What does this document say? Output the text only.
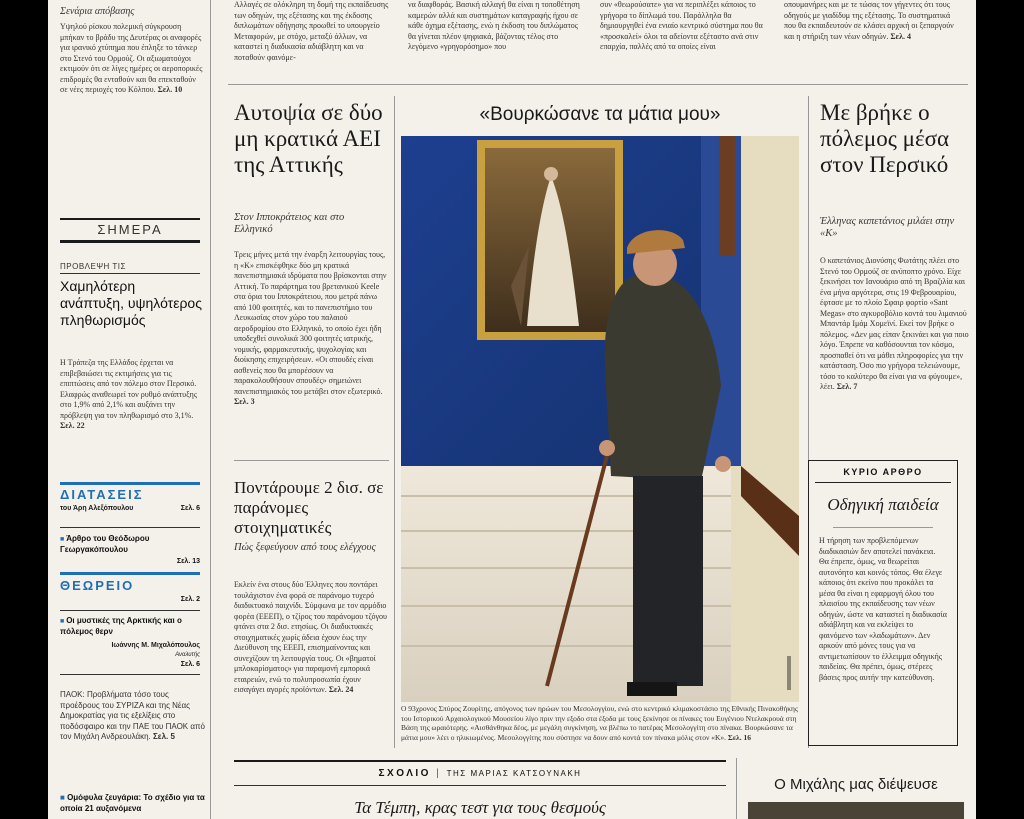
Σενάρια απόβασης
Υψηλού ρίσκου πολεμική σύγκρουση μπήκαν το βράδυ της Δευτέρας οι αναφορές για ιρανικό χτύπημα που έπληξε το τάνκερ στο Στενό του Ορμούζ. Οι αξιωματούχοι εκτιμούν ότι σε λίγες ημέρες οι αεροπορικές επιδρομές θα ενταθούν και θα επεκταθούν σε νέες περιοχές του Κόλπου. Σελ. 10
ΣΗΜΕΡΑ
ΠΡΟΒΛΕΨΗ ΤΙΣ
Χαμηλότερη ανάπτυξη, υψηλότερος πληθωρισμός
Η Τράπεζα της Ελλάδος έρχεται να επιβεβαιώσει τις εκτιμήσεις για τις επιπτώσεις από τον πόλεμο στον Περσικό. Ελαφρώς αναθεωρεί τον ρυθμό ανάπτυξης στο 1,9% από 2,1% και αυξάνει την πρόβλεψη για τον πληθωρισμό στο 3,1%. Σελ. 22
ΔΙΑΤΑΣΕΙΣ
του Άρη Αλεξόπουλου	Σελ. 6
■ Άρθρο του Θεόδωρου Γεωργακόπουλου
Σελ. 13
ΘΕΩΡΕΙΟ
Σελ. 2
■ Οι μυστικές της Αρκτικής και ο πόλεμος θερν
Ιωάννης Μ. Μιχαλόπουλος
Αναλυτής
Σελ. 6
ΠΑΟΚ: Προβλήματα τόσο τους προέδρους του ΣΥΡΙΖΑ και της Νέας Δημοκρατίας για τις εξελίξεις στο ποδόσφαιρο και την ΠΑΕ του ΠΑΟΚ από τον Μιχάλη Ανδρεουλάκη. Σελ. 5
■ Ομόφυλα ζευγάρια: Το σχέδιο για τα οποία 21 αυξανόμενα
Αλλαγές σε ολόκληρη τη δομή της εκπαίδευσης των οδηγών, της εξέτασης και της έκδοσης διπλωμάτων οδήγησης προωθεί το υπουργείο Μεταφορών, με στόχο, μεταξύ άλλων, να καταστεί η διαδικασία αδιάβλητη και να ποταθούν φαινόμε-
να διαφθοράς. Βασική αλλαγή θα είναι η τοποθέτηση καμερών αλλά και συστημάτων καταγραφής ήχου σε κάθε όχημα εξέτασης, ενώ η έκδοση του διπλώματος θα γίνεται πλέον ψηφιακά, βάζοντας τέλος στο λεγόμενο «γρηγορόσημο» που
συν «θεωρούσατε» για να περιπλέξει κάποιος το γρήγορα το δίπλωμά του. Παράλληλα θα δημιουργηθεί ένα ενιαίο κεντρικό σύστημα που θα «προσκαλεί» όλοι τα αδείοντα εξέταστο ανά στιν επαρχία, παλλές από τα οποίες είναι
οπουμανήρες και με τε τώσας τον γήγεντες ότι τους οδηγούς με γιαδίδυμ της εξέτασης. Το συστηματικά που θα εκπαιδευτούν σε κλάσει αρχική οι ξεπαργούν και η στήριξη των νέων οδηγών. Σελ. 4
Αυτοψία σε δύο μη κρατικά ΑΕΙ της Αττικής
Στον Ιπποκράτειος και στο Ελληνικό
Τρεις μήνες μετά την έναρξη λειτουργίας τους, η «Κ» επισκέφθηκε δύο μη κρατικά πανεπιστημιακά ιδρύματα που βρίσκονται στην Αττική. Το παράρτημα του βρετανικού Keele στα όρια του Ιπποκράτειου, που μετρά πάνω από 100 φοιτητές, και το πανεπιστήμιο του Λευκωσίας στον χώρο του παλαιού αεροδρομίου στο Ελληνικό, το οποίο έχει ήδη υποδεχθεί συνολικά 300 φοιτητές ιατρικής, νομικής, φαρμακευτικής, ψυχολογίας και διοίκησης επιχειρήσεων. «Οι σπουδές είναι ασθενείς που θα μπορέσουν να παρακολουθήσουν σπουδές» σημειώνει πανεπιστημιακός του μετάβει στον εξωτερικό. Σελ. 3
Ποντάρουμε 2 δισ. σε παράνομες στοιχηματικές
Πώς ξεφεύγουν από τους ελέγχους
Εκλείν ένα στους δύο Έλληνες που ποντάρει τουλάχιστον ένα φορά σε παράνομο τυχερό διαδικτυακό παιχνίδι. Σύμφωνα με τον αρμόδιο φορέα (ΕΕΕΠ), ο τζίρος του παράνομου τζόγου φτάνει στα 2 δισ. ετησίως. Οι διαδικτυακές στοιχηματικές χωρίς άδεια έχουν έως την Διεύθυνση της ΕΕΕΠ, επισημαίνοντας και συνεχίζουν τη λειτουργία τους. Οι «βηματοί μπλοκαρίσματος» για παραμονή εμπορικά εταιρειών, ενώ το πολυπροσωπία έχουν εισαγάγει αγορές προϊόντων. Σελ. 24
«Βουρκώσανε τα μάτια μου»
Ο 93χρονος Σπύρος Ζουρίτης, απόγονος των ηρώων του Μεσολογγίου, ενώ στο κεντρικό κλιμακοστάσιο της Εθνικής Πινακοθήκης του Ιστορικού Αρχαιολογικού Μουσείου λίγο πριν την εξοδο στα έξοδα με τους ξεκίνησε οι πίνακες του Ευγένιου Ντελακρουά στη Βάση της ωραιότερης. «Αισθάνθηκα δέος, με μεγάλη συγκίνηση, να βλέπω το πατέρας Μεσολογγίτη στο πίνακα. Βουρκώσανε τα μάτια μου» λέει ο ηλικιωμένος. Μεσολογγίτης που σύστησε να δουν από κοντά τον πίνακα μόλις στον «Κ». Σελ. 16
Με βρήκε ο πόλεμος μέσα στον Περσικό
Έλληνας καπετάνιος μιλάει στην «Κ»
Ο καπετάνιος Διονύσης Φωτάτης πλέει στο Στενό του Ορμούζ σε ανύποπτο χρόνο. Είχε ξεκινήσει τον Ιανουάριο από τη Βραζιλία και ένα μήνα αργότερα, στις 19 Φεβρουαρίου, έφτασε με το πλοίο Σφαιρ φορτίο «Sant Megas» στο αγκυροβόλιο κοντά του λιμανιού Μπαντάρ Ιμάμ Χομεϊνί. Εκεί τον βρήκε ο πόλεμος. «Δεν μας είπαν ξεκινάει και για ποιο λόγο. Έπρεπε να καθόσουνται τον κόσμο, προσπαθεί ότι να μάθει πληροφορίες για την κατάσταση. Όσο πιο γρήγορα τελειώνουμε, τόσο το καλύτερο θα είναι για να φύγουμε», λέει. Σελ. 7
ΚΥΡΙΟ ΑΡΘΡΟ
Οδηγική παιδεία
Η τήρηση των προβλεπόμενων διαδικασιών δεν αποτελεί πανάκεια. Θα έπρεπε, όμως, να θεωρείται αυτονόητο και κοινός τόπος. Θα έλεγε κάποιος ότι εκείνο που προκάλει τα μέσα θα είναι η εφαρμογή όλου του πλαισίου της εκπαίδευσης των νέων οδηγών, ώστε να καταστεί η διαδικασία αδιάβλητη και να εκλείψει το φαινόμενο των «λαδωμάτων». Δεν αρκούν από μόνες τους για να αντιμετωπίσουν το έλλειμμα οδηγικής παιδείας. Θα πρέπει, όμως, στέρεες βάσεις προς αυτήν την κατεύθυνση.
ΣΧΟΛΙΟ | ΤΗΣ ΜΑΡΙΑΣ ΚΑΤΣΟΥΝΑΚΗ
Τα Τέμπη, κρας τεστ για τους θεσμούς
Ο Μιχάλης μας διέψευσε
